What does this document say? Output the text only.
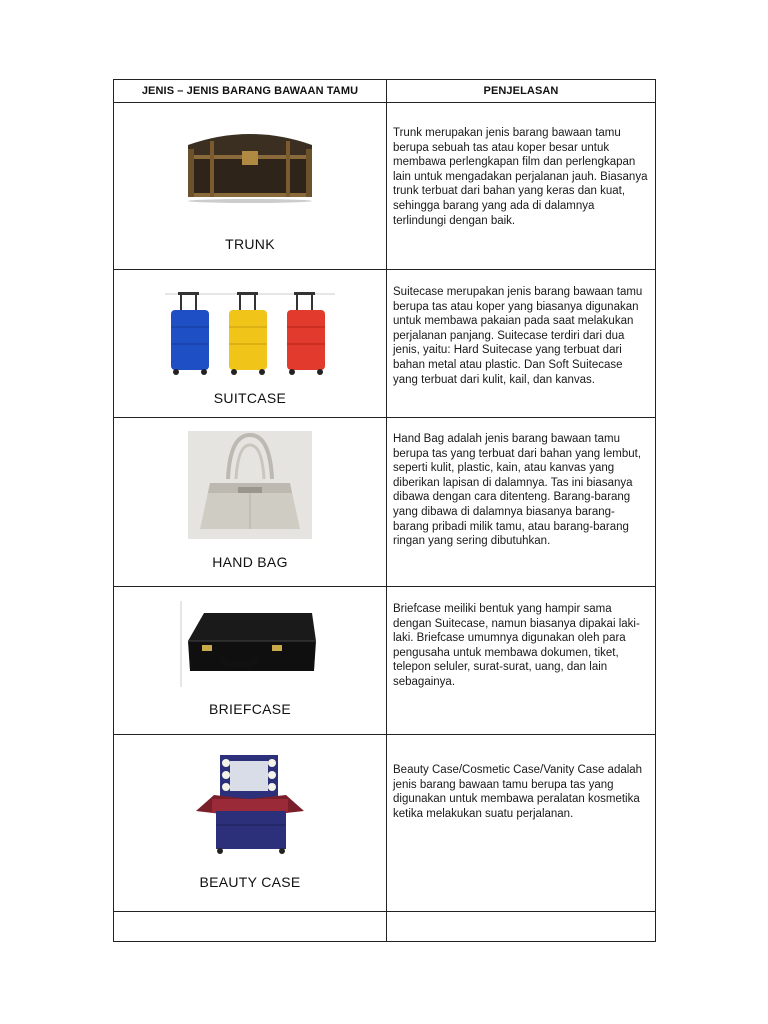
JENIS – JENIS BARANG BAWAAN TAMU	PENJELASAN

TRUNK	Trunk merupakan jenis barang bawaan tamu berupa sebuah tas atau koper besar untuk membawa perlengkapan film dan perlengkapan lain untuk mengadakan perjalanan jauh. Biasanya trunk terbuat dari bahan yang keras dan kuat, sehingga barang yang ada di dalamnya terlindungi dengan baik.

SUITCASE	Suitecase merupakan jenis barang bawaan tamu berupa tas atau koper yang biasanya digunakan untuk membawa pakaian pada saat melakukan perjalanan panjang. Suitecase terdiri dari dua jenis, yaitu: Hard Suitecase yang terbuat dari bahan metal atau plastic. Dan Soft Suitecase yang terbuat dari kulit, kail, dan kanvas.

HAND BAG	Hand Bag adalah jenis barang bawaan tamu berupa tas yang terbuat dari bahan yang lembut, seperti kulit, plastic, kain, atau kanvas yang diberikan lapisan di dalamnya. Tas ini biasanya dibawa dengan cara ditenteng. Barang-barang yang dibawa di dalamnya biasanya barang-barang pribadi milik tamu, atau barang-barang ringan yang sering dibutuhkan.

BRIEFCASE	Briefcase meiliki bentuk yang hampir sama dengan Suitecase, namun biasanya dipakai laki-laki. Briefcase umumnya digunakan oleh para pengusaha untuk membawa dokumen, tiket, telepon seluler, surat-surat, uang, dan lain sebagainya.

BEAUTY CASE	Beauty Case/Cosmetic Case/Vanity Case adalah jenis barang bawaan tamu berupa tas yang digunakan untuk membawa peralatan kosmetika ketika melakukan suatu perjalanan.
